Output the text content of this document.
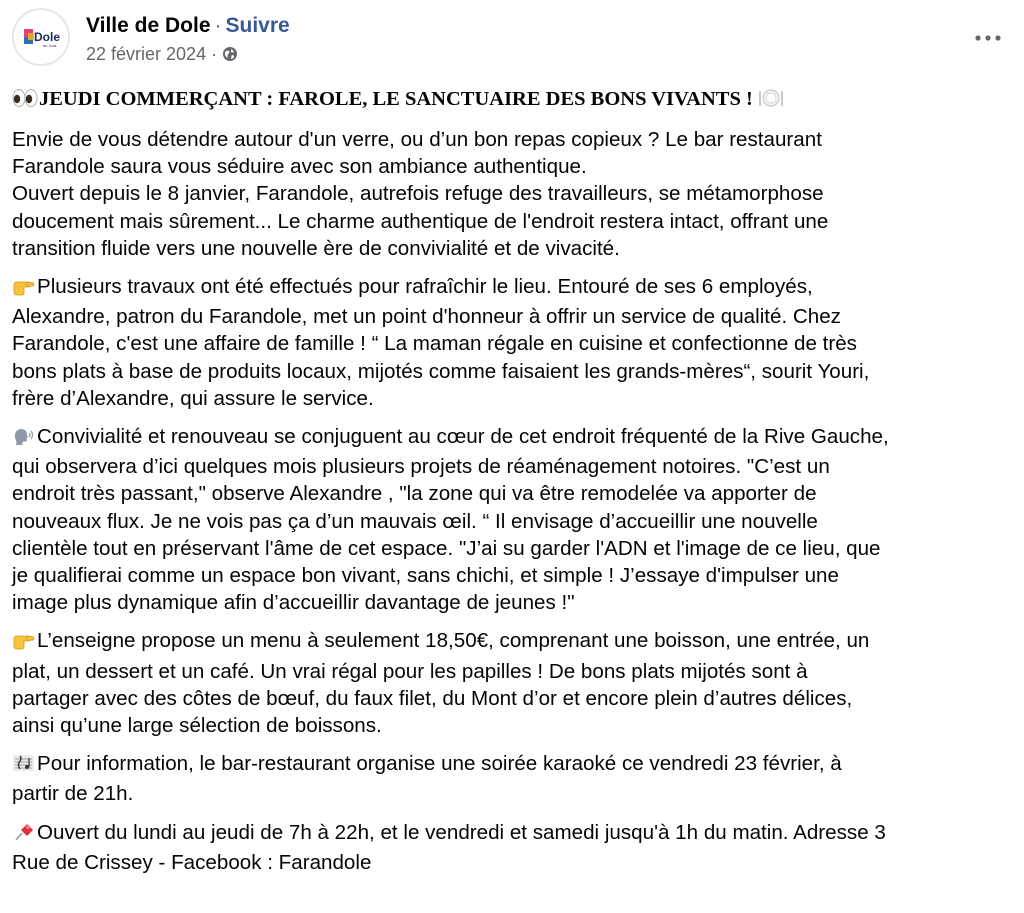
Dole
du Jura
Ville de Dole · Suivre
22 février 2024 ·
JEUDI COMMERÇANT : FAROLE, LE SANCTUAIRE DES BONS VIVANTS !
Envie de vous détendre autour d'un verre, ou d’un bon repas copieux ? Le bar restaurant
Farandole saura vous séduire avec son ambiance authentique.
Ouvert depuis le 8 janvier, Farandole, autrefois refuge des travailleurs, se métamorphose
doucement mais sûrement... Le charme authentique de l'endroit restera intact, offrant une
transition fluide vers une nouvelle ère de convivialité et de vivacité.
Plusieurs travaux ont été effectués pour rafraîchir le lieu. Entouré de ses 6 employés,
Alexandre, patron du Farandole, met un point d'honneur à offrir un service de qualité. Chez
Farandole, c'est une affaire de famille ! “ La maman régale en cuisine et confectionne de très
bons plats à base de produits locaux, mijotés comme faisaient les grands-mères“, sourit Youri,
frère d’Alexandre, qui assure le service.
Convivialité et renouveau se conjuguent au cœur de cet endroit fréquenté de la Rive Gauche,
qui observera d’ici quelques mois plusieurs projets de réaménagement notoires. "C’est un
endroit très passant," observe Alexandre , "la zone qui va être remodelée va apporter de
nouveaux flux. Je ne vois pas ça d’un mauvais œil. “ Il envisage d’accueillir une nouvelle
clientèle tout en préservant l'âme de cet espace. "J’ai su garder l'ADN et l'image de ce lieu, que
je qualifierai comme un espace bon vivant, sans chichi, et simple ! J’essaye d'impulser une
image plus dynamique afin d’accueillir davantage de jeunes !"
L’enseigne propose un menu à seulement 18,50€, comprenant une boisson, une entrée, un
plat, un dessert et un café. Un vrai régal pour les papilles ! De bons plats mijotés sont à
partager avec des côtes de bœuf, du faux filet, du Mont d’or et encore plein d’autres délices,
ainsi qu’une large sélection de boissons.
Pour information, le bar-restaurant organise une soirée karaoké ce vendredi 23 février, à
partir de 21h.
Ouvert du lundi au jeudi de 7h à 22h, et le vendredi et samedi jusqu'à 1h du matin. Adresse 3
Rue de Crissey - Facebook : Farandole
